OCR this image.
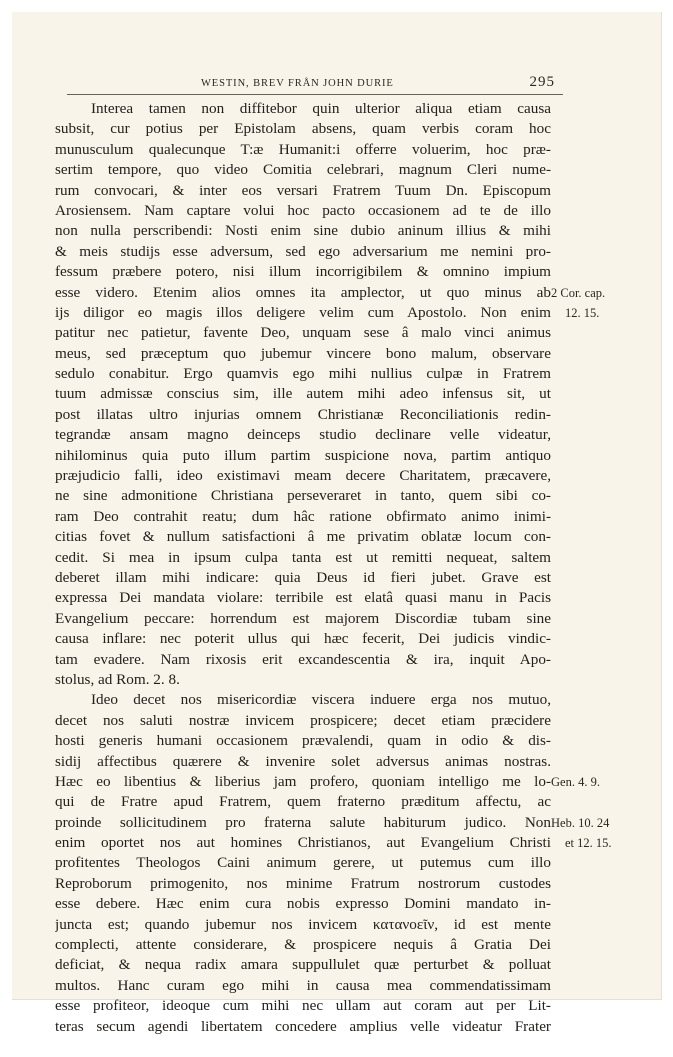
WESTIN, BREV FRÅN JOHN DURIE	295
Interea tamen non diffitebor quin ulterior aliqua etiam causa
subsit, cur potius per Epistolam absens, quam verbis coram hoc
munusculum qualecunque T:æ Humanit:i offerre voluerim, hoc præ-
sertim tempore, quo video Comitia celebrari, magnum Cleri nume-
rum convocari, & inter eos versari Fratrem Tuum Dn. Episcopum
Arosiensem. Nam captare volui hoc pacto occasionem ad te de illo
non nulla perscribendi: Nosti enim sine dubio aninum illius & mihi
& meis studijs esse adversum, sed ego adversarium me nemini pro-
fessum præbere potero, nisi illum incorrigibilem & omnino impium
esse videro. Etenim alios omnes ita amplector, ut quo minus ab
ijs diligor eo magis illos deligere velim cum Apostolo. Non enim
patitur nec patietur, favente Deo, unquam sese â malo vinci animus
meus, sed præceptum quo jubemur vincere bono malum, observare
sedulo conabitur. Ergo quamvis ego mihi nullius culpæ in Fratrem
tuum admissæ conscius sim, ille autem mihi adeo infensus sit, ut
post illatas ultro injurias omnem Christianæ Reconciliationis redin-
tegrandæ ansam magno deinceps studio declinare velle videatur,
nihilominus quia puto illum partim suspicione nova, partim antiquo
præjudicio falli, ideo existimavi meam decere Charitatem, præcavere,
ne sine admonitione Christiana perseveraret in tanto, quem sibi co-
ram Deo contrahit reatu; dum hâc ratione obfirmato animo inimi-
citias fovet & nullum satisfactioni â me privatim oblatæ locum con-
cedit. Si mea in ipsum culpa tanta est ut remitti nequeat, saltem
deberet illam mihi indicare: quia Deus id fieri jubet. Grave est
expressa Dei mandata violare: terribile est elatâ quasi manu in Pacis
Evangelium peccare: horrendum est majorem Discordiæ tubam sine
causa inflare: nec poterit ullus qui hæc fecerit, Dei judicis vindic-
tam evadere. Nam rixosis erit excandescentia & ira, inquit Apo-
stolus, ad Rom. 2. 8.
Ideo decet nos misericordiæ viscera induere erga nos mutuo,
decet nos saluti nostræ invicem prospicere; decet etiam præcidere
hosti generis humani occasionem prævalendi, quam in odio & dis-
sidij affectibus quærere & invenire solet adversus animas nostras.
Hæc eo libentius & liberius jam profero, quoniam intelligo me lo-
qui de Fratre apud Fratrem, quem fraterno præditum affectu, ac
proinde sollicitudinem pro fraterna salute habiturum judico. Non
enim oportet nos aut homines Christianos, aut Evangelium Christi
profitentes Theologos Caini animum gerere, ut putemus cum illo
Reproborum primogenito, nos minime Fratrum nostrorum custodes
esse debere. Hæc enim cura nobis expresso Domini mandato in-
juncta est; quando jubemur nos invicem κατανοεῖν, id est mente
complecti, attente considerare, & prospicere nequis â Gratia Dei
deficiat, & nequa radix amara suppullulet quæ perturbet & polluat
multos. Hanc curam ego mihi in causa mea commendatissimam
esse profiteor, ideoque cum mihi nec ullam aut coram aut per Lit-
teras secum agendi libertatem concedere amplius velle videatur Frater
2 Cor. cap.
12. 15.
Gen. 4. 9.
Heb. 10. 24
et 12. 15.
